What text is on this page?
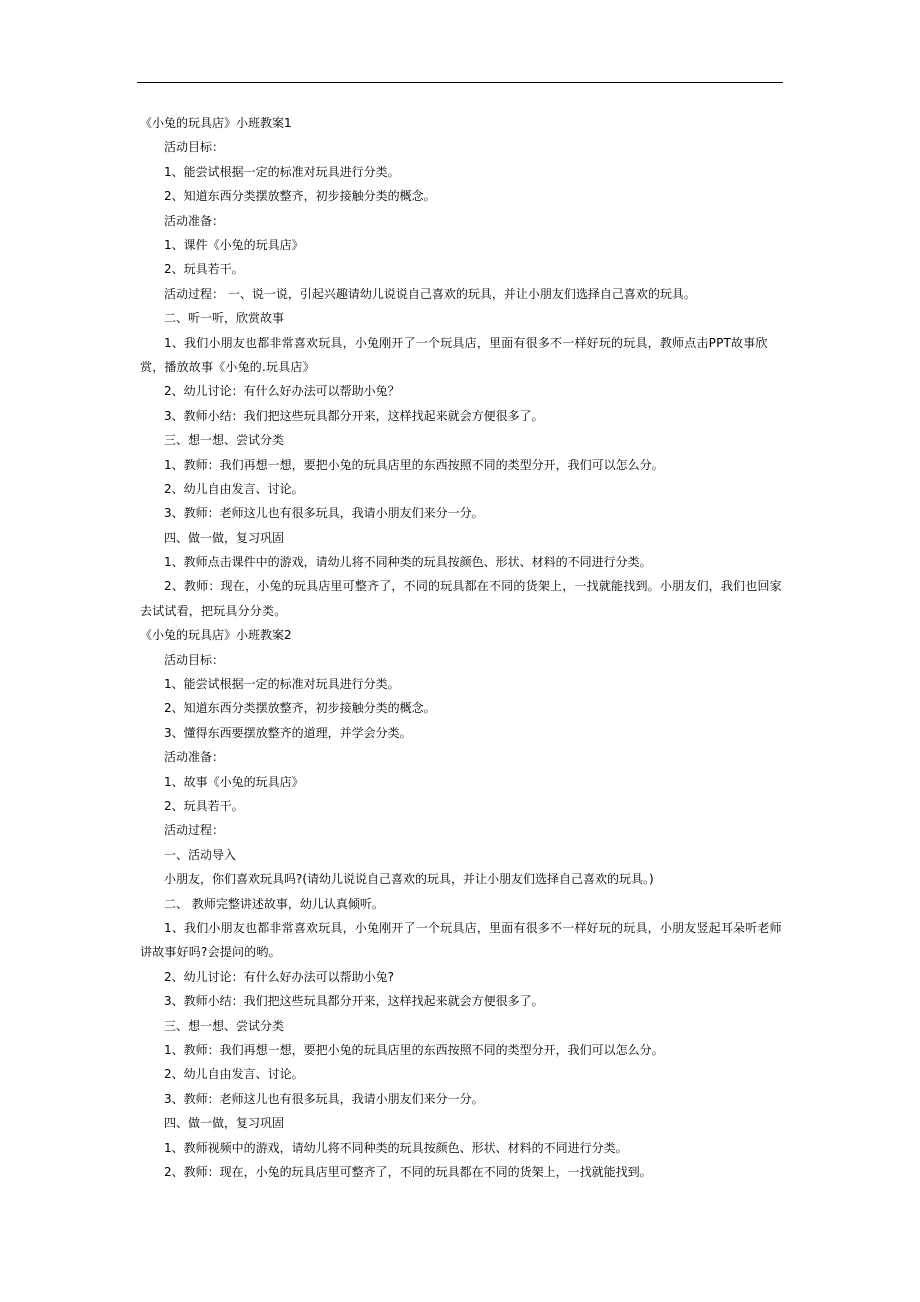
《小兔的玩具店》小班教案1
活动目标：
1、能尝试根据一定的标准对玩具进行分类。
2、知道东西分类摆放整齐，初步接触分类的概念。
活动准备：
1、课件《小兔的玩具店》
2、玩具若干。
活动过程： 一、说一说，引起兴趣请幼儿说说自己喜欢的玩具，并让小朋友们选择自己喜欢的玩具。
二、听一听，欣赏故事
1、我们小朋友也都非常喜欢玩具，小兔刚开了一个玩具店，里面有很多不一样好玩的玩具，教师点击PPT故事欣赏，播放故事《小兔的.玩具店》
2、幼儿讨论：有什么好办法可以帮助小兔？
3、教师小结：我们把这些玩具都分开来，这样找起来就会方便很多了。
三、想一想、尝试分类
1、教师：我们再想一想，要把小兔的玩具店里的东西按照不同的类型分开，我们可以怎么分。
2、幼儿自由发言、讨论。
3、教师：老师这儿也有很多玩具，我请小朋友们来分一分。
四、做一做，复习巩固
1、教师点击课件中的游戏，请幼儿将不同种类的玩具按颜色、形状、材料的不同进行分类。
2、教师：现在，小兔的玩具店里可整齐了，不同的玩具都在不同的货架上，一找就能找到。小朋友们，我们也回家去试试看，把玩具分分类。
《小兔的玩具店》小班教案2
活动目标：
1、能尝试根据一定的标准对玩具进行分类。
2、知道东西分类摆放整齐，初步接触分类的概念。
3、懂得东西要摆放整齐的道理，并学会分类。
活动准备：
1、故事《小兔的玩具店》
2、玩具若干。
活动过程：
一、活动导入
小朋友，你们喜欢玩具吗?(请幼儿说说自己喜欢的玩具，并让小朋友们选择自己喜欢的玩具。)
二、 教师完整讲述故事，幼儿认真倾听。
1、我们小朋友也都非常喜欢玩具，小兔刚开了一个玩具店，里面有很多不一样好玩的玩具，小朋友竖起耳朵听老师讲故事好吗?会提问的哟。
2、幼儿讨论：有什么好办法可以帮助小兔?
3、教师小结：我们把这些玩具都分开来，这样找起来就会方便很多了。
三、想一想、尝试分类
1、教师：我们再想一想，要把小兔的玩具店里的东西按照不同的类型分开，我们可以怎么分。
2、幼儿自由发言、讨论。
3、教师：老师这儿也有很多玩具，我请小朋友们来分一分。
四、做一做，复习巩固
1、教师视频中的游戏，请幼儿将不同种类的玩具按颜色、形状、材料的不同进行分类。
2、教师：现在，小兔的玩具店里可整齐了，不同的玩具都在不同的货架上，一找就能找到。
